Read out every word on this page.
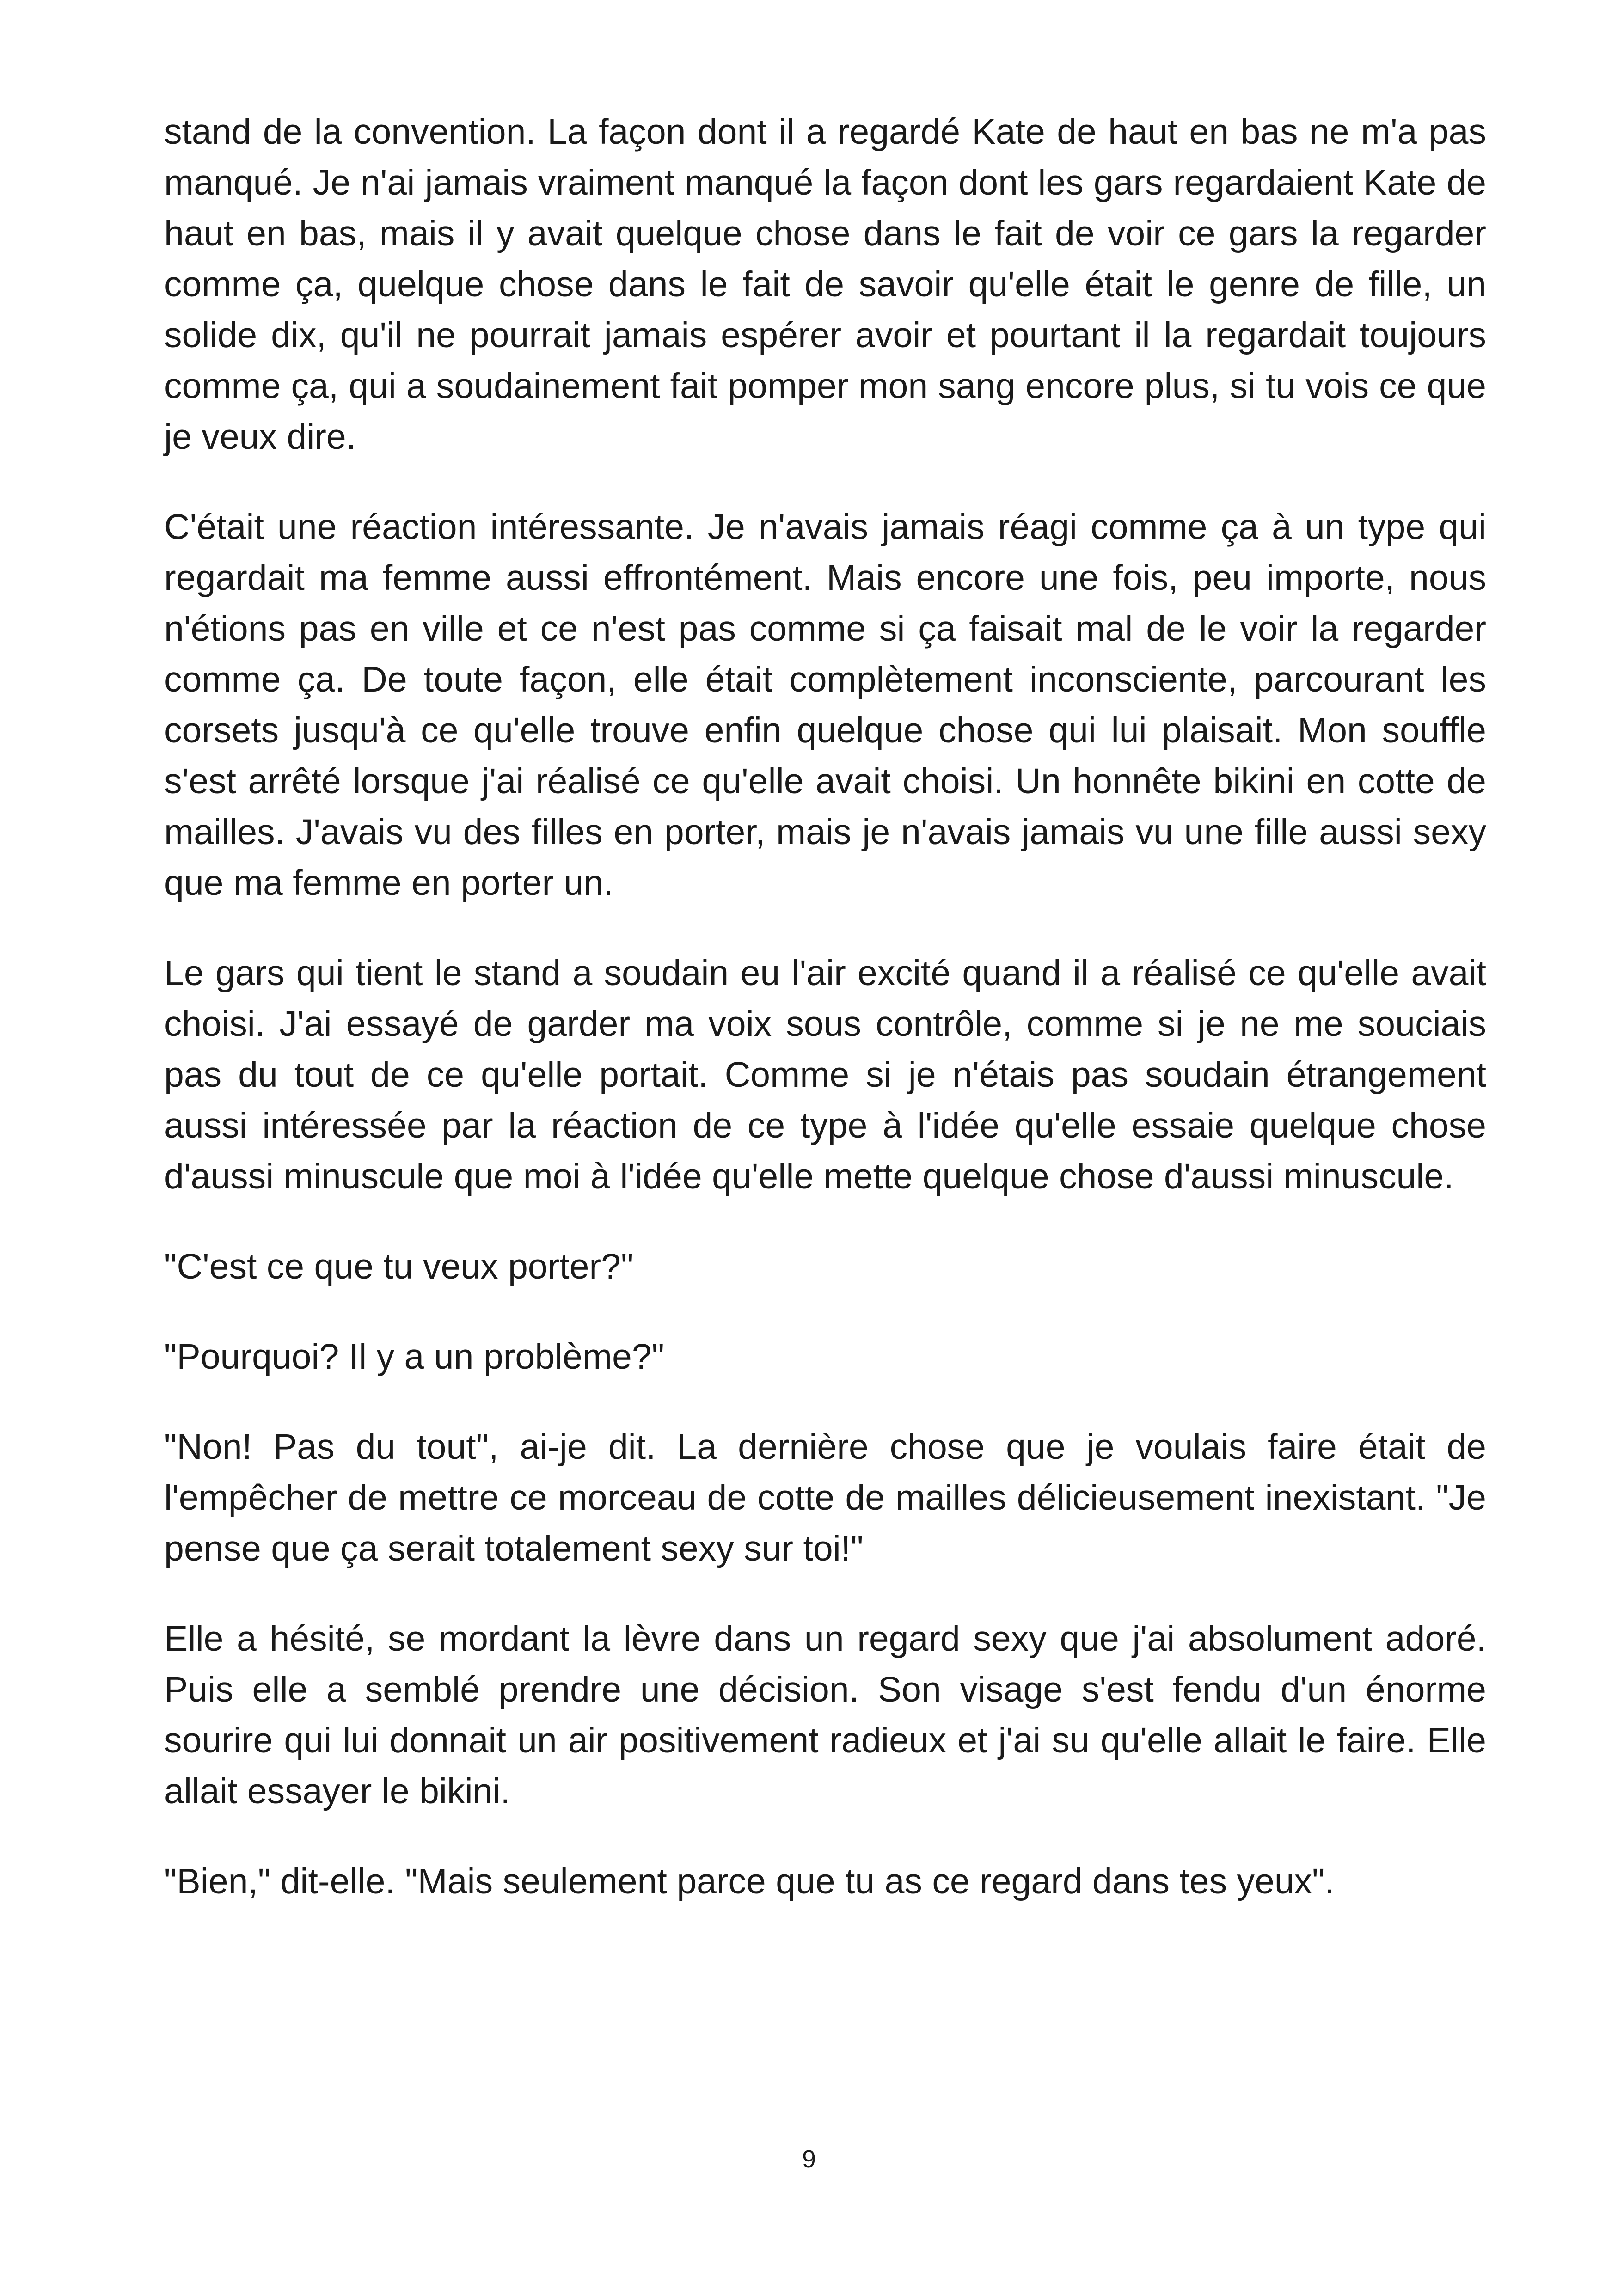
stand de la convention. La façon dont il a regardé Kate de haut en bas ne m'a pas manqué. Je n'ai jamais vraiment manqué la façon dont les gars regardaient Kate de haut en bas, mais il y avait quelque chose dans le fait de voir ce gars la regarder comme ça, quelque chose dans le fait de savoir qu'elle était le genre de fille, un solide dix, qu'il ne pourrait jamais espérer avoir et pourtant il la regardait toujours comme ça, qui a soudainement fait pomper mon sang encore plus, si tu vois ce que je veux dire.

C'était une réaction intéressante. Je n'avais jamais réagi comme ça à un type qui regardait ma femme aussi effrontément. Mais encore une fois, peu importe, nous n'étions pas en ville et ce n'est pas comme si ça faisait mal de le voir la regarder comme ça. De toute façon, elle était complètement inconsciente, parcourant les corsets jusqu'à ce qu'elle trouve enfin quelque chose qui lui plaisait. Mon souffle s'est arrêté lorsque j'ai réalisé ce qu'elle avait choisi. Un honnête bikini en cotte de mailles. J'avais vu des filles en porter, mais je n'avais jamais vu une fille aussi sexy que ma femme en porter un.

Le gars qui tient le stand a soudain eu l'air excité quand il a réalisé ce qu'elle avait choisi. J'ai essayé de garder ma voix sous contrôle, comme si je ne me souciais pas du tout de ce qu'elle portait. Comme si je n'étais pas soudain étrangement aussi intéressée par la réaction de ce type à l'idée qu'elle essaie quelque chose d'aussi minuscule que moi à l'idée qu'elle mette quelque chose d'aussi minuscule.

"C'est ce que tu veux porter?"

"Pourquoi? Il y a un problème?"

"Non! Pas du tout", ai-je dit. La dernière chose que je voulais faire était de l'empêcher de mettre ce morceau de cotte de mailles délicieusement inexistant. "Je pense que ça serait totalement sexy sur toi!"

Elle a hésité, se mordant la lèvre dans un regard sexy que j'ai absolument adoré. Puis elle a semblé prendre une décision. Son visage s'est fendu d'un énorme sourire qui lui donnait un air positivement radieux et j'ai su qu'elle allait le faire. Elle allait essayer le bikini.

"Bien," dit-elle. "Mais seulement parce que tu as ce regard dans tes yeux".

9
